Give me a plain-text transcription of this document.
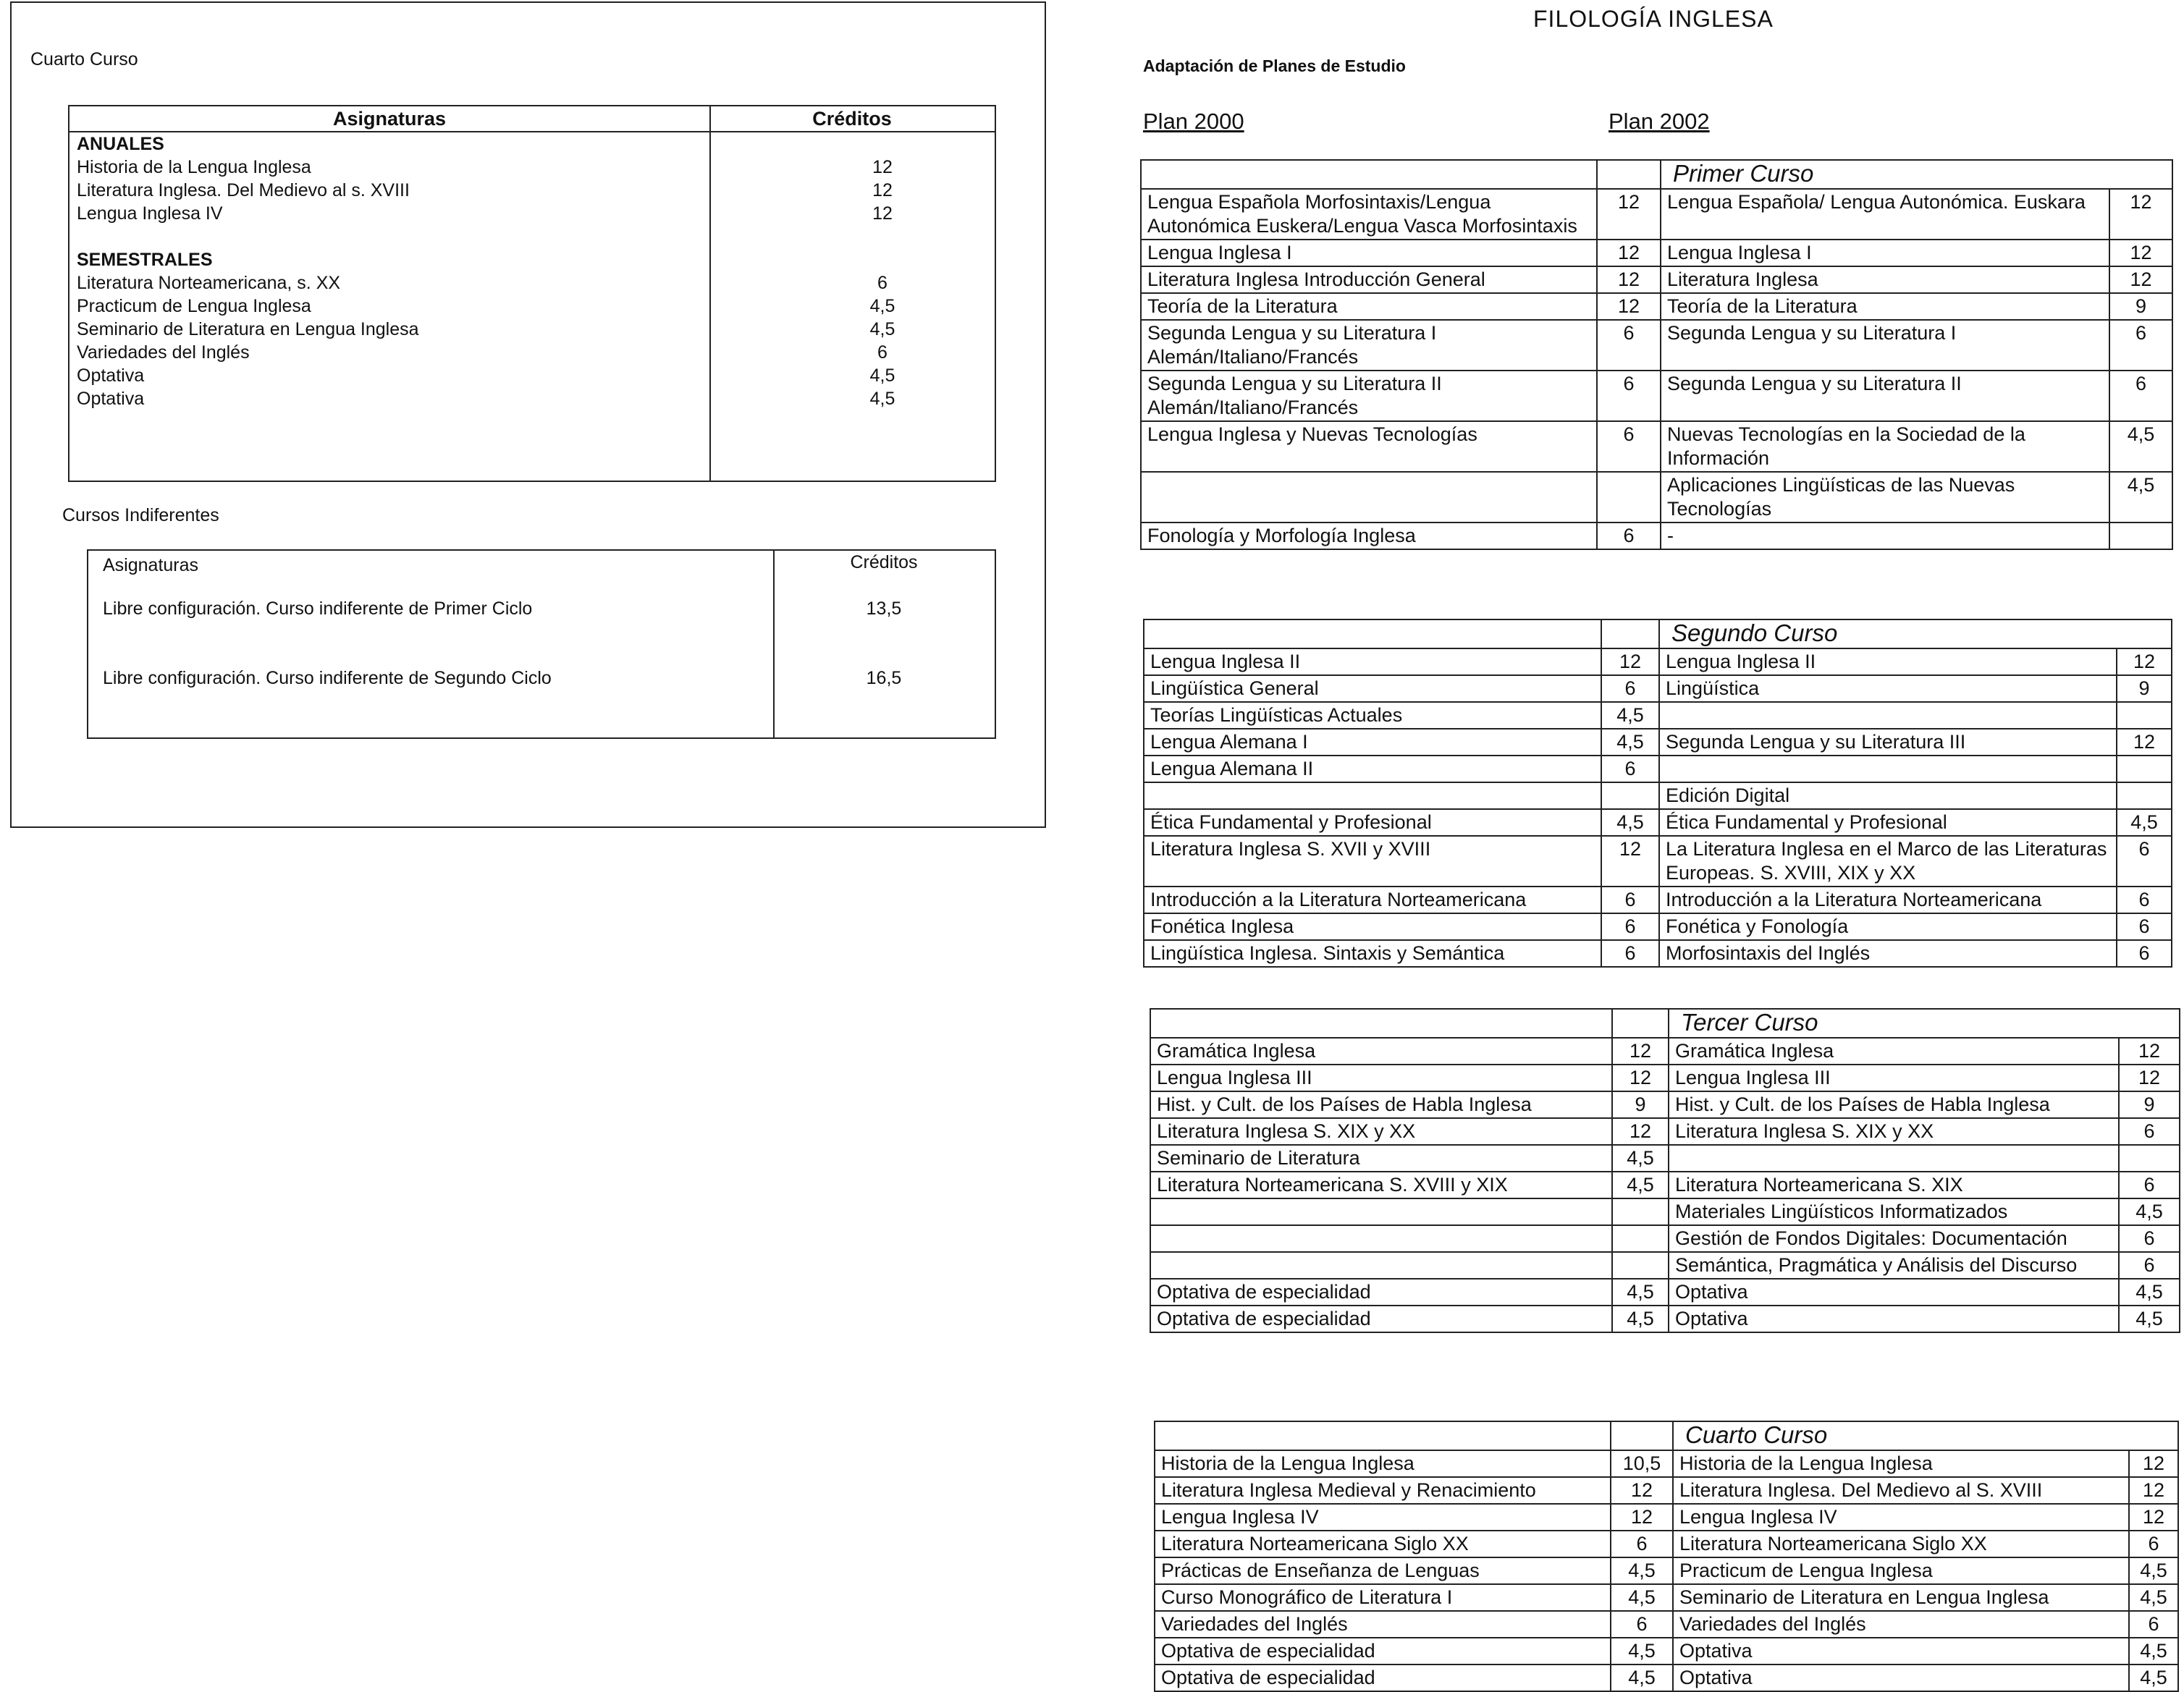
Cuarto Curso
Asignaturas	Créditos
ANUALES
Historia de la Lengua Inglesa	12
Literatura Inglesa. Del Medievo al s. XVIII	12
Lengua Inglesa IV	12
SEMESTRALES
Literatura Norteamericana, s. XX	6
Practicum de Lengua Inglesa	4,5
Seminario de Literatura en Lengua Inglesa	4,5
Variedades del Inglés	6
Optativa	4,5
Optativa	4,5
Cursos Indiferentes
Asignaturas	Créditos
Libre configuración. Curso indiferente de Primer Ciclo	13,5
Libre configuración. Curso indiferente de Segundo Ciclo	16,5
FILOLOGÍA INGLESA
Adaptación de Planes de Estudio
Plan 2000	Plan 2002
		Primer Curso	
Lengua Española Morfosintaxis/Lengua Autonómica Euskera/Lengua Vasca Morfosintaxis	12	Lengua Española/ Lengua Autonómica. Euskara	12
Lengua Inglesa I	12	Lengua Inglesa I	12
Literatura Inglesa Introducción General	12	Literatura Inglesa	12
Teoría de la Literatura	12	Teoría de la Literatura	9
Segunda Lengua y su Literatura I Alemán/Italiano/Francés	6	Segunda Lengua y su Literatura I	6
Segunda Lengua y su Literatura II Alemán/Italiano/Francés	6	Segunda Lengua y su Literatura II	6
Lengua Inglesa y Nuevas Tecnologías	6	Nuevas Tecnologías en la Sociedad de la Información	4,5
		Aplicaciones Lingüísticas de las Nuevas Tecnologías	4,5
Fonología y Morfología Inglesa	6	-	
		Segundo Curso	
Lengua Inglesa II	12	Lengua Inglesa II	12
Lingüística General	6	Lingüística	9
Teorías Lingüísticas Actuales	4,5		
Lengua Alemana I	4,5	Segunda Lengua y su Literatura III	12
Lengua Alemana II	6		
		Edición Digital	
Ética Fundamental y Profesional	4,5	Ética Fundamental y Profesional	4,5
Literatura Inglesa S. XVII y XVIII	12	La Literatura Inglesa en el Marco de las Literaturas Europeas. S. XVIII, XIX y XX	6
Introducción a la Literatura Norteamericana	6	Introducción a la Literatura Norteamericana	6
Fonética Inglesa	6	Fonética y Fonología	6
Lingüística Inglesa. Sintaxis y Semántica	6	Morfosintaxis del Inglés	6
		Tercer Curso	
Gramática Inglesa	12	Gramática Inglesa	12
Lengua Inglesa III	12	Lengua Inglesa III	12
Hist. y Cult. de los Países de Habla Inglesa	9	Hist. y Cult. de los Países de Habla Inglesa	9
Literatura Inglesa S. XIX y XX	12	Literatura Inglesa S. XIX y XX	6
Seminario de Literatura	4,5		
Literatura Norteamericana S. XVIII y XIX	4,5	Literatura Norteamericana S. XIX	6
		Materiales Lingüísticos Informatizados	4,5
		Gestión de Fondos Digitales: Documentación	6
		Semántica, Pragmática y Análisis del Discurso	6
Optativa de especialidad	4,5	Optativa	4,5
Optativa de especialidad	4,5	Optativa	4,5
		Cuarto Curso	
Historia de la Lengua Inglesa	10,5	Historia de la Lengua Inglesa	12
Literatura Inglesa Medieval y Renacimiento	12	Literatura Inglesa. Del Medievo al S. XVIII	12
Lengua Inglesa IV	12	Lengua Inglesa IV	12
Literatura Norteamericana Siglo XX	6	Literatura Norteamericana Siglo XX	6
Prácticas de Enseñanza de Lenguas	4,5	Practicum de Lengua Inglesa	4,5
Curso Monográfico de Literatura I	4,5	Seminario de Literatura en Lengua Inglesa	4,5
Variedades del Inglés	6	Variedades del Inglés	6
Optativa de especialidad	4,5	Optativa	4,5
Optativa de especialidad	4,5	Optativa	4,5
